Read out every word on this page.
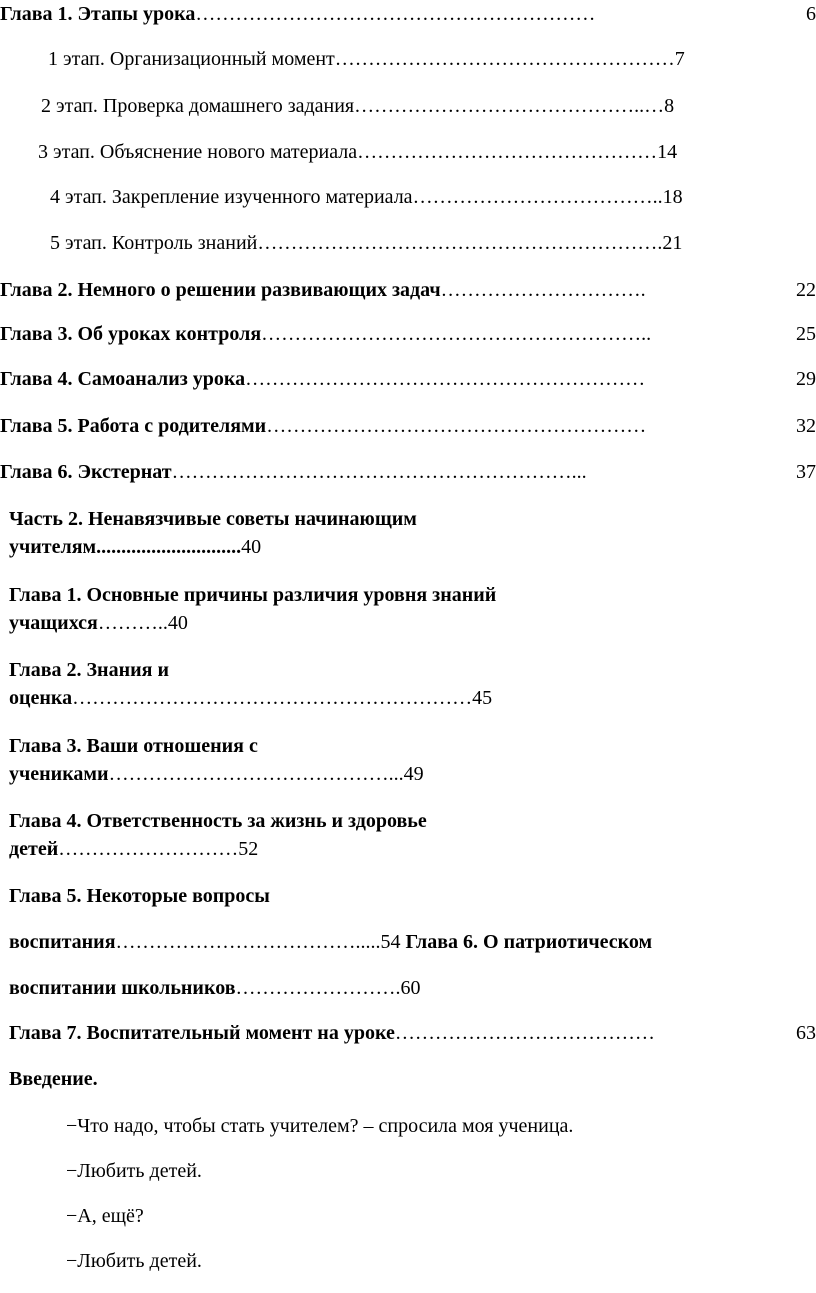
Глава 1. Этапы урока ……………………………………………………	6
1 этап. Организационный момент……………………………………………7
2 этап. Проверка домашнего задания……………………………………..…8
3 этап. Объяснение нового материала………………………………………14
4 этап. Закрепление изученного материала………………………………..18
5 этап. Контроль знаний…………………………………………………….21
Глава 2. Немного о решении развивающих задач ………………………….	22
Глава 3. Об уроках контроля …………………………………………………..	25
Глава 4. Самоанализ урока ……………………………………………………	29
Глава 5. Работа с родителями …………………………………………………	32
Глава 6. Экстернат ……………………………………………………...	37
Часть 2. Ненавязчивые советы начинающим
учителям.............................40
Глава 1. Основные причины различия уровня знаний
учащихся………..40
Глава 2. Знания и
оценка……………………………………………………45
Глава 3. Ваши отношения с
учениками……………………………………...49
Глава 4. Ответственность за жизнь и здоровье
детей………………………52
Глава 5. Некоторые вопросы
воспитания……………………………….....54 Глава 6. О патриотическом
воспитании школьников…………………….60
Глава 7. Воспитательный момент на уроке …………………………………	63
Введение.
−Что надо, чтобы стать учителем? – спросила моя ученица.
−Любить детей.
−А, ещё?
−Любить детей.
